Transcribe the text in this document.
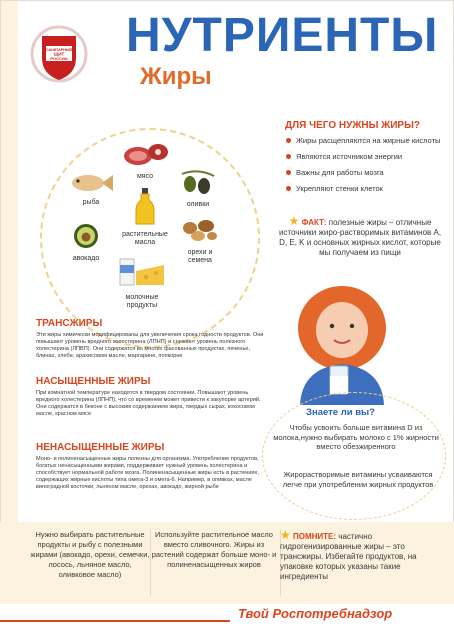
САНИТАРНЫЙ
ЩИТ
РОССИИ НУТРИЕНТЫ
Жиры
мясо
рыба	оливки
растительные масла
авокадо
орехи и семена
молочные продукты
ДЛЯ ЧЕГО НУЖНЫ ЖИРЫ?
Жиры расщепляются на жирные кислоты
Являются источником энергии
Важны для работы мозга
Укрепляют стенки клеток
★ ФАКТ: полезные жиры – отличные источники жиро-растворимых витаминов A, D, E, K и основных жирных кислот, которые мы получаем из пищи
ТРАНСЖИРЫ

Эти жиры химически модифицированы для увеличения срока годности продуктов. Они повышают уровень вредного холестерина (ЛПНП) и снижают уровень полезного холестерина (ЛПВП). Они содержатся во многих фасованных продуктах, печенье, блинах, хлебе, арахисовом масле, маргарине, попкорне

НАСЫЩЕННЫЕ ЖИРЫ

При комнатной температуре находятся в твердом состоянии. Повышают уровень вредного холестерина (ЛПНП), что со временем может привести к закупорке артерий. Они содержатся в беконе с высоким содержанием жира, твердых сырах, кокосовом масле, красном мясе

НЕНАСЫЩЕННЫЕ ЖИРЫ

Моно- и полиненасыщенные жиры полезны для организма. Употребление продуктов, богатых ненасыщенными жирами, поддерживает нужный уровень холестерина и способствует нормальной работе мозга. Полиненасыщенные жиры есть в растениях, содержащих жирные кислоты типа омега-3 и омега-6. Например, в оливках, масле виноградной косточки, льняном масле, орехах, авокадо, жирной рыбе

Знаете ли вы?
Чтобы усвоить больше витамина D из молока,нужно выбирать молоко с 1% жирности вместо обезжиренного
Жирорастворимые витамины усваиваются легче при употреблении жирных продуктов
Нужно выбирать растительные продукты и рыбу с полезными жирами (авокадо, орехи, семечки, лосось, льняное масло, оливковое масло)
Используйте растительное масло вместо сливочного. Жиры из растений содержат больше моно- и полиненасыщенных жиров
★ ПОМНИТЕ: частично гидрогенизированные жиры – это трансжиры. Избегайте продуктов, на упаковке которых указаны такие ингредиенты
Твой Роспотребнадзор
